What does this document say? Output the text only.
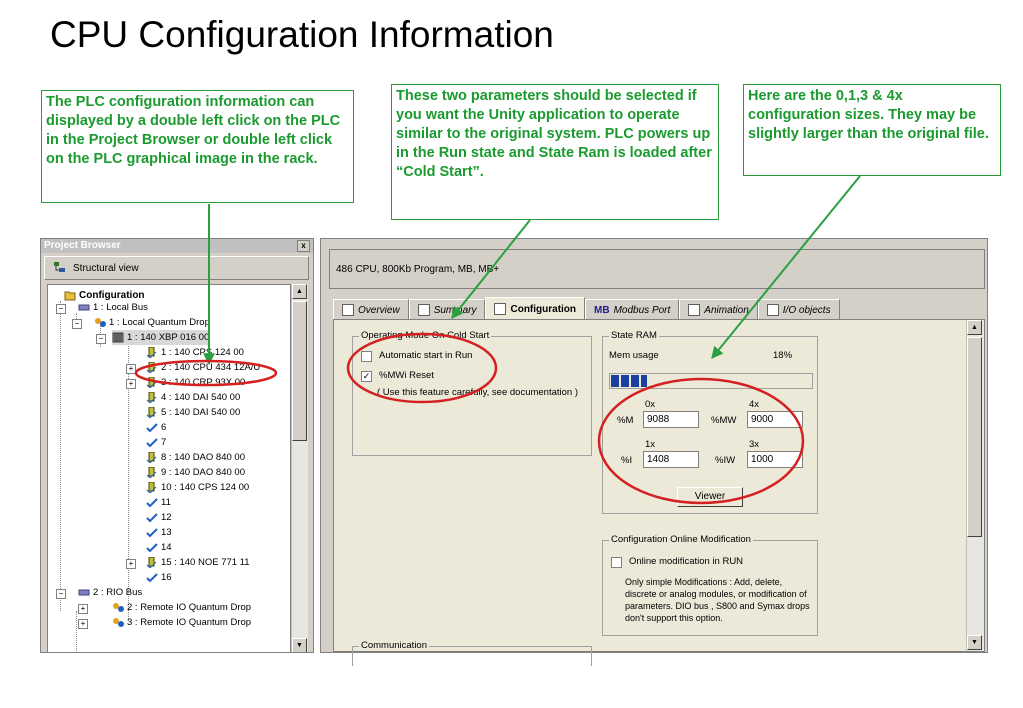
CPU Configuration Information
The PLC configuration information can displayed by a double left click on the PLC in the Project Browser or double left click on the PLC graphical image in the rack.
These two parameters should be selected if you want the Unity application to operate similar to the original system. PLC powers up in the Run state and State Ram is loaded after “Cold Start”.
Here are the 0,1,3 & 4x configuration sizes. They may be slightly larger than the original file.
Project Browser	x
Structural view
Configuration
−	1 : Local Bus
−	1 : Local Quantum Drop
− 1 : 140 XBP 016 00
1 : 140 CPS 124 00
+	2 : 140 CPU 434 12A/U
+	3 : 140 CRP 93X 00
4 : 140 DAI 540 00
5 : 140 DAI 540 00
6
7
8 : 140 DAO 840 00
9 : 140 DAO 840 00
10 : 140 CPS 124 00
11
12
13
14
+	15 : 140 NOE 771 11
16
−	2 : RIO Bus
+	2 : Remote IO Quantum Drop
+	3 : Remote IO Quantum Drop
▲
▼
486 CPU, 800Kb Program, MB, MB+
Overview	Summary	Configuration MB Modbus Port	Animation	I/O objects
Operating Mode On Cold Start
Automatic start in Run
✓ %MWi Reset
( Use this feature carefully, see documentation )
State RAM
Mem usage	18%
0x	4x
%M	9088	%MW	9000
1x	3x
%I	1408	%IW	1000
Viewer
Configuration Online Modification
Online modification in RUN
Only simple Modifications : Add, delete,
discrete or analog modules, or modification of
parameters. DIO bus , S800 and Symax drops
don't support this option.
Communication
▲
▼
